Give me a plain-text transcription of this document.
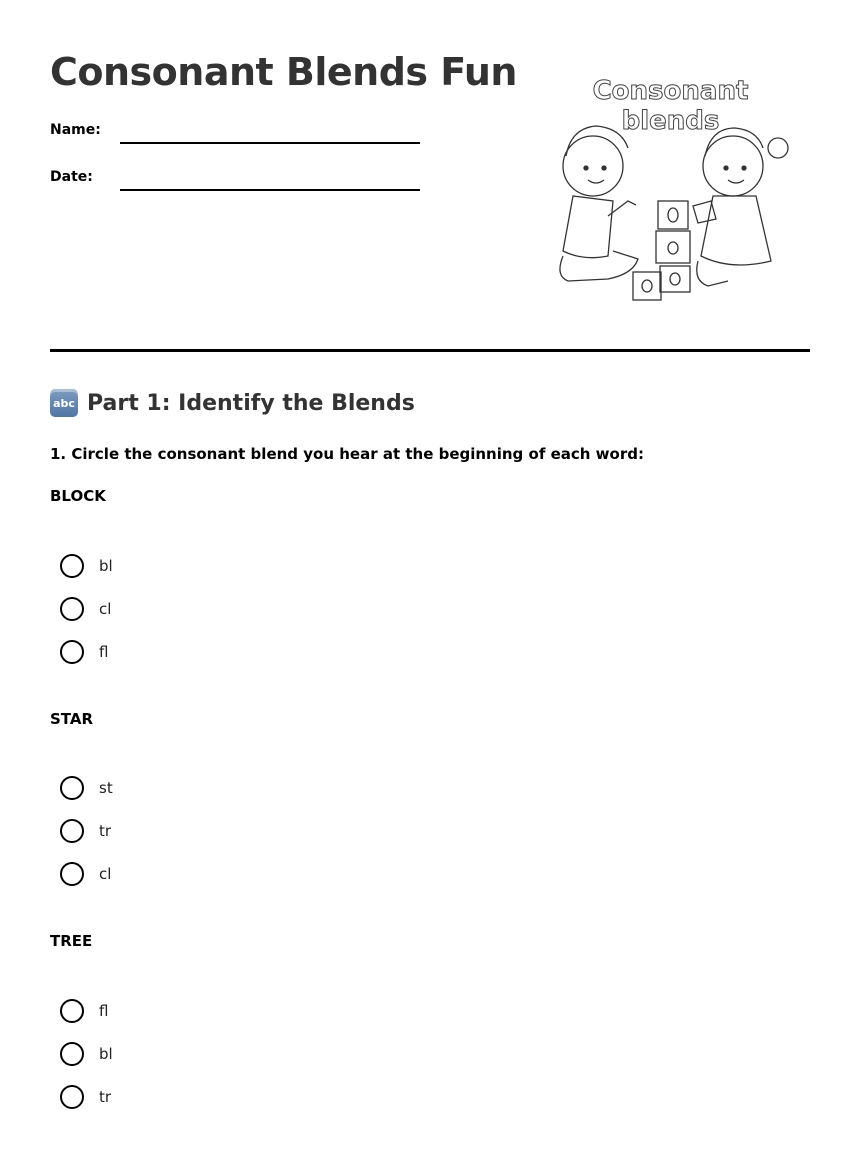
Consonant Blends Fun
Name:
Date:
Consonant blends
abc Part 1: Identify the Blends
1. Circle the consonant blend you hear at the beginning of each word:
BLOCK
bl
cl
fl
STAR
st
tr
cl
TREE
fl
bl
tr
